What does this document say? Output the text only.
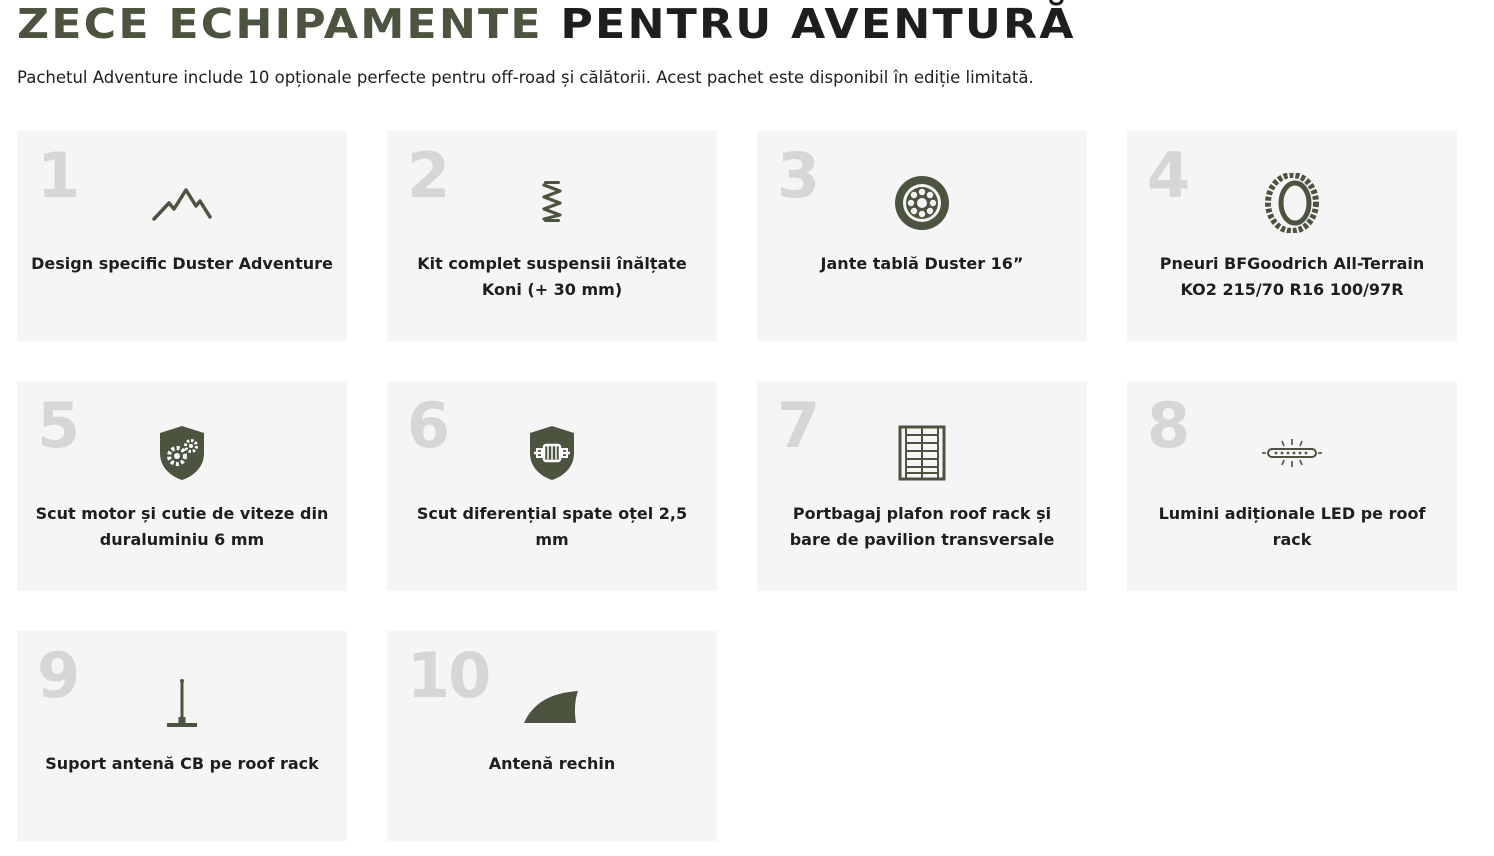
ZECE ECHIPAMENTE PENTRU AVENTURĂ

Pachetul Adventure include 10 opționale perfecte pentru off-road și călătorii. Acest pachet este disponibil în ediție limitată.

1
Design specific Duster Adventure
2
Kit complet suspensii înălțate Koni (+ 30 mm)
3
Jante tablă Duster 16”
4
Pneuri BFGoodrich All-Terrain KO2 215/70 R16 100/97R
5
Scut motor și cutie de viteze din duraluminiu 6 mm
6
Scut diferențial spate oțel 2,5 mm
7
Portbagaj plafon roof rack și bare de pavilion transversale
8
Lumini adiționale LED pe roof rack
9
Suport antenă CB pe roof rack
10
Antenă rechin
